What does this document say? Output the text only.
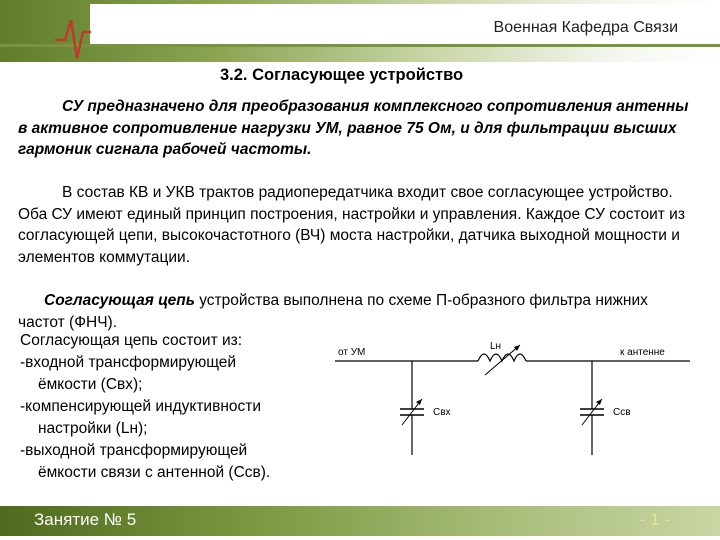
Военная Кафедра Связи
3.2. Согласующее устройство
СУ предназначено для преобразования комплексного сопротивления антенны в активное сопротивление нагрузки УМ, равное 75 Ом, и для фильтрации высших гармоник сигнала рабочей частоты.
В состав КВ и УКВ трактов радиопередатчика входит свое согласующее устройство. Оба СУ имеют единый принцип построения, настройки и управления. Каждое СУ состоит из согласующей цепи, высокочастотного (ВЧ) моста настройки, датчика выходной мощности и элементов коммутации.
Согласующая цепь устройства выполнена по схеме П-образного фильтра нижних частот (ФНЧ).
Согласующая цепь состоит из:
-входной трансформирующей
ёмкости (Свх);
-компенсирующей индуктивности
настройки (Lн);
-выходной трансформирующей
ёмкости связи с антенной (Ссв).
Lн
от УМ	к антенне
Свх	Ссв
Занятие № 5	- 1 -
